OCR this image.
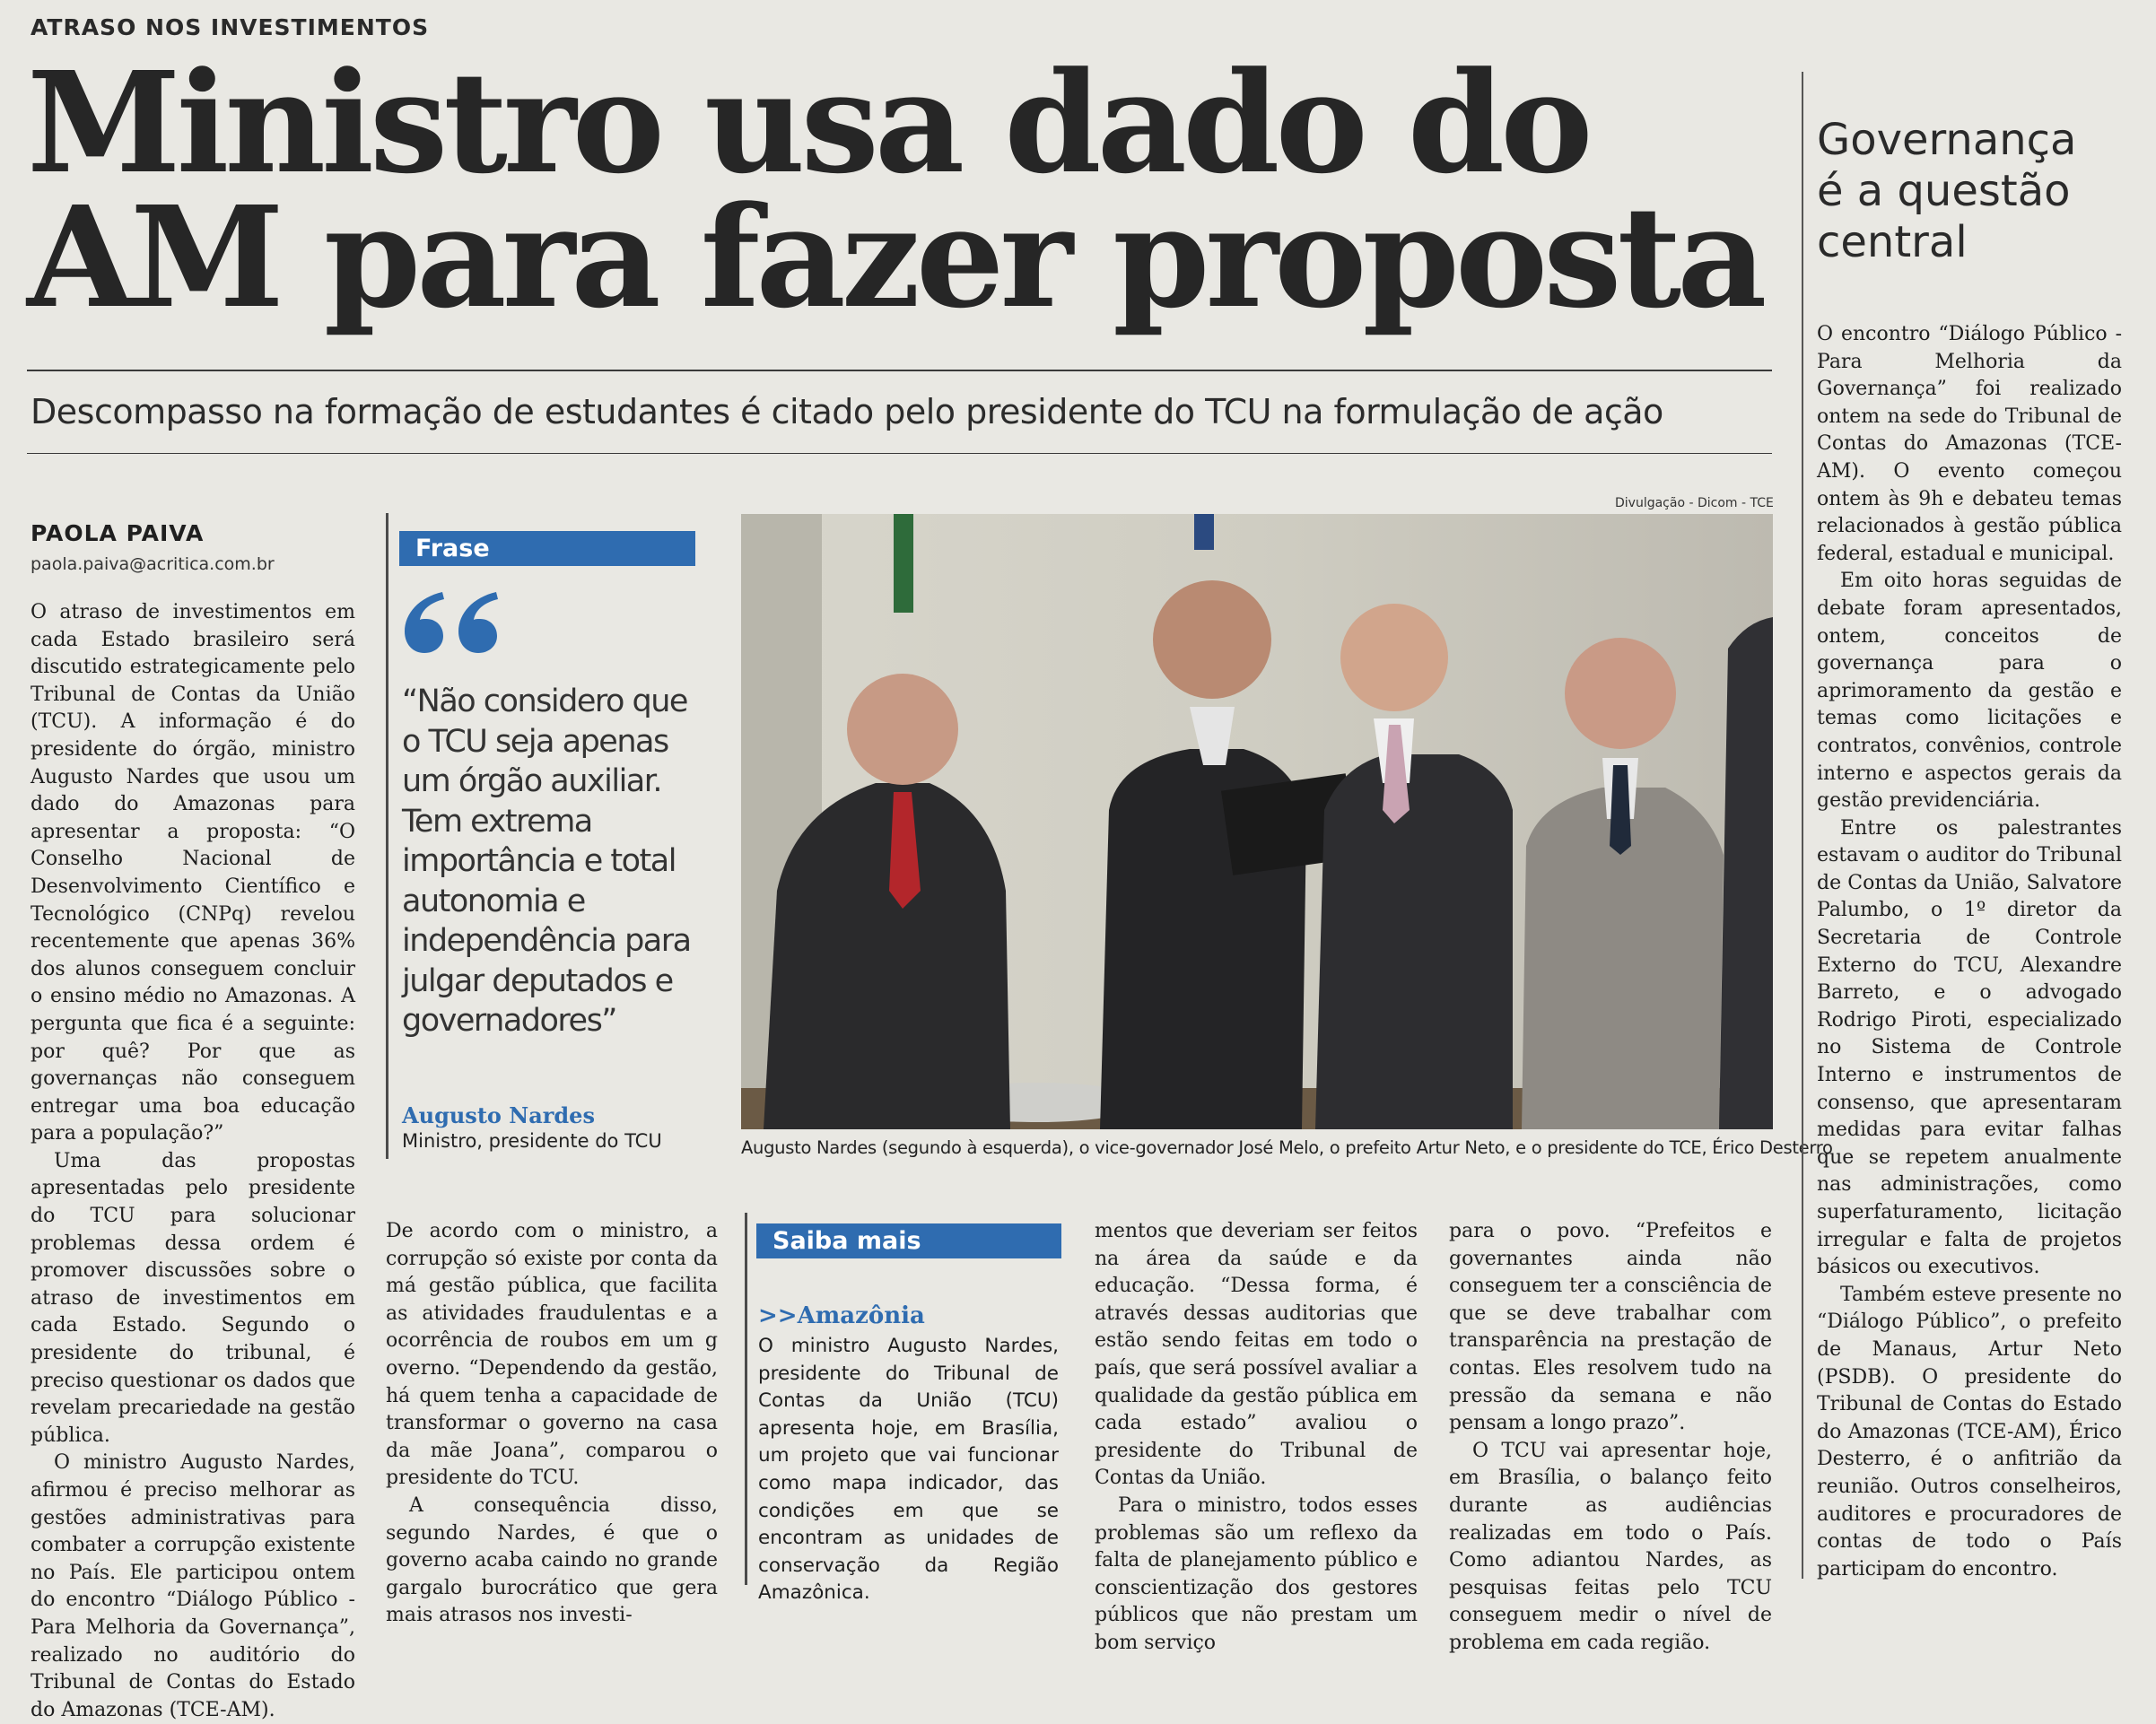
ATRASO NOS INVESTIMENTOS
Ministro usa dado do
AM para fazer proposta
Descompasso na formação de estudantes é citado pelo presidente do TCU na formulação de ação
PAOLA PAIVA
paola.paiva@acritica.com.br

O atraso de investimentos em cada Estado brasileiro será discutido estrategicamente pelo Tribunal de Contas da União (TCU). A informação é do presidente do órgão, ministro Augusto Nardes que usou um dado do Amazonas para apresentar a proposta: “O Conselho Nacional de Desenvolvimento Científico e Tecnológico (CNPq) revelou recentemente que apenas 36% dos alunos conseguem concluir o ensino médio no Amazonas. A pergunta que fica é a seguinte: por quê? Por que as governanças não conseguem entregar uma boa educação para a população?”

Uma das propostas apresentadas pelo presidente do TCU para solucionar problemas dessa ordem é promover discussões sobre o atraso de investimentos em cada Estado. Segundo o presidente do tribunal, é preciso questionar os dados que revelam precariedade na gestão pública.

O ministro Augusto Nardes, afirmou é preciso melhorar as gestões administrativas para combater a corrupção existente no País. Ele participou ontem do encontro “Diálogo Público - Para Melhoria da Governança”, realizado no auditório do Tribunal de Contas do Estado do Amazonas (TCE-AM).

Frase
“Não considero que o TCU seja apenas um órgão auxiliar. Tem extrema importância e total autonomia e independência para julgar deputados e governadores”
Augusto Nardes
Ministro, presidente do TCU
Divulgação - Dicom - TCE
Augusto Nardes (segundo à esquerda), o vice-governador José Melo, o prefeito Artur Neto, e o presidente do TCE, Érico Desterro

De acordo com o ministro, a corrupção só existe por conta da má gestão pública, que facilita as atividades fraudulentas e a ocorrência de roubos em um g overno. “Dependendo da gestão, há quem tenha a capacidade de transformar o governo na casa da mãe Joana”, comparou o presidente do TCU.

A consequência disso, segundo Nardes, é que o governo acaba caindo no grande gargalo burocrático que gera mais atrasos nos investi-

Saiba mais
>>Amazônia
O ministro Augusto Nardes, presidente do Tribunal de Contas da União (TCU) apresenta hoje, em Brasília, um projeto que vai funcionar como mapa indicador, das condições em que se encontram as unidades de conservação da Região Amazônica.

mentos que deveriam ser feitos na área da saúde e da educação. “Dessa forma, é através dessas auditorias que estão sendo feitas em todo o país, que será possível avaliar a qualidade da gestão pública em cada estado” avaliou o presidente do Tribunal de Contas da União.

Para o ministro, todos esses problemas são um reflexo da falta de planejamento público e conscientização dos gestores públicos que não prestam um bom serviço

para o povo. “Prefeitos e governantes ainda não conseguem ter a consciência de que se deve trabalhar com transparência na prestação de contas. Eles resolvem tudo na pressão da semana e não pensam a longo prazo”.

O TCU vai apresentar hoje, em Brasília, o balanço feito durante as audiências realizadas em todo o País. Como adiantou Nardes, as pesquisas feitas pelo TCU conseguem medir o nível de problema em cada região.

Governança é a questão central

O encontro “Diálogo Público - Para Melhoria da Governança” foi realizado ontem na sede do Tribunal de Contas do Amazonas (TCE-AM). O evento começou ontem às 9h e debateu temas relacionados à gestão pública federal, estadual e municipal.

Em oito horas seguidas de debate foram apresentados, ontem, conceitos de governança para o aprimoramento da gestão e temas como licitações e contratos, convênios, controle interno e aspectos gerais da gestão previdenciária.

Entre os palestrantes estavam o auditor do Tribunal de Contas da União, Salvatore Palumbo, o 1º diretor da Secretaria de Controle Externo do TCU, Alexandre Barreto, e o advogado Rodrigo Piroti, especializado no Sistema de Controle Interno e instrumentos de consenso, que apresentaram medidas para evitar falhas que se repetem anualmente nas administrações, como superfaturamento, licitação irregular e falta de projetos básicos ou executivos.

Também esteve presente no “Diálogo Público”, o prefeito de Manaus, Artur Neto (PSDB). O presidente do Tribunal de Contas do Estado do Amazonas (TCE-AM), Érico Desterro, é o anfitrião da reunião. Outros conselheiros, auditores e procuradores de contas de todo o País participam do encontro.
